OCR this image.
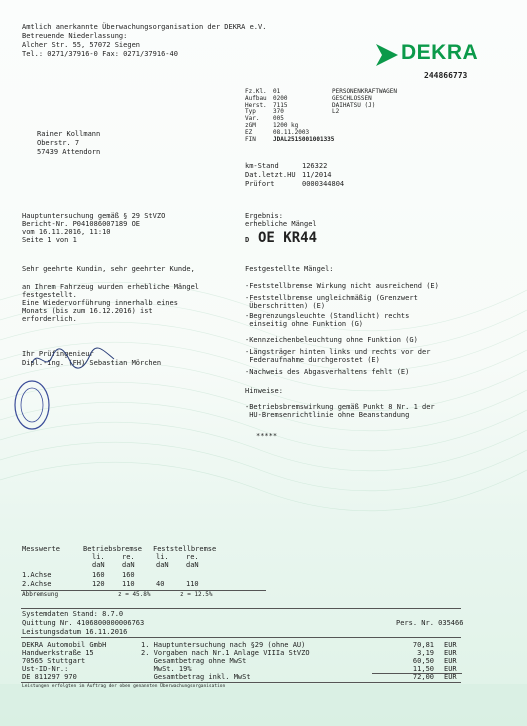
Amtlich anerkannte Überwachungsorganisation der DEKRA e.V.
Betreuende Niederlassung:
Alcher Str. 55, 57072 Siegen
Tel.: 0271/37916-0 Fax: 0271/37916-40	DEKRA
244866773
Rainer Kollmann
Oberstr. 7
57439 Attendorn
Fz.Kl. 01	PERSONENKRAFTWAGEN
Aufbau 0200	GESCHLOSSEN
Herst. 7115	DAIHATSU (J)
Typ	370	L2
Var. 005
zGM	1200 kg
EZ	08.11.2003
FIN	JDAL251S001001335
km-Stand	126322
Dat.letzt.HU 11/2014
Prüfort	0000344804
Hauptuntersuchung gemäß § 29 StVZO
Bericht-Nr. P041086007189 OE
vom 16.11.2016, 11:10
Seite 1 von 1
Ergebnis:
erhebliche Mängel
D OE KR44
Sehr geehrte Kundin, sehr geehrter Kunde,
an Ihrem Fahrzeug wurden erhebliche Mängel
festgestellt.
Eine Wiedervorführung innerhalb eines
Monats (bis zum 16.12.2016) ist
erforderlich.
Ihr Prüfingenieur
Dipl.-Ing. (FH) Sebastian Mörchen
Festgestellte Mängel:
-Feststellbremse Wirkung nicht ausreichend (E)
-Feststellbremse ungleichmäßig (Grenzwert
Überschritten) (E)
-Begrenzungsleuchte (Standlicht) rechts
einseitig ohne Funktion (G)
-Kennzeichenbeleuchtung ohne Funktion (G)
-Längsträger hinten links und rechts vor der
Federaufnahme durchgerostet (E)
-Nachweis des Abgasverhaltens fehlt (E)
Hinweise:
-Betriebsbremswirkung gemäß Punkt 8 Nr. 1 der
HU-Bremsenrichtlinie ohne Beanstandung
*****
Messwerte	Betriebsbremse Feststellbremse
li. re.	li. re.
daN daN	daN daN
1.Achse	160 160
2.Achse	120 110	40	110
Abbremsung	z = 45.8%	z = 12.5%
Systemdaten Stand: 8.7.0
Quittung Nr. 4106800000006763
Leistungsdatum 16.11.2016
Pers. Nr. 035466
DEKRA Automobil GmbH
Handwerkstraße 15
70565 Stuttgart
Ust-ID-Nr.:
DE 811297 970
1. Hauptuntersuchung nach §29 (ohne AU)	70,81 EUR
2. Vorgaben nach Nr.1 Anlage VIIIa StVZO	3,19 EUR
Gesamtbetrag ohne MwSt	60,50 EUR
MwSt. 19%	11,50 EUR
Gesamtbetrag inkl. MwSt	72,00 EUR
Leistungen erfolgten im Auftrag der oben genannten Überwachungsorganisation
